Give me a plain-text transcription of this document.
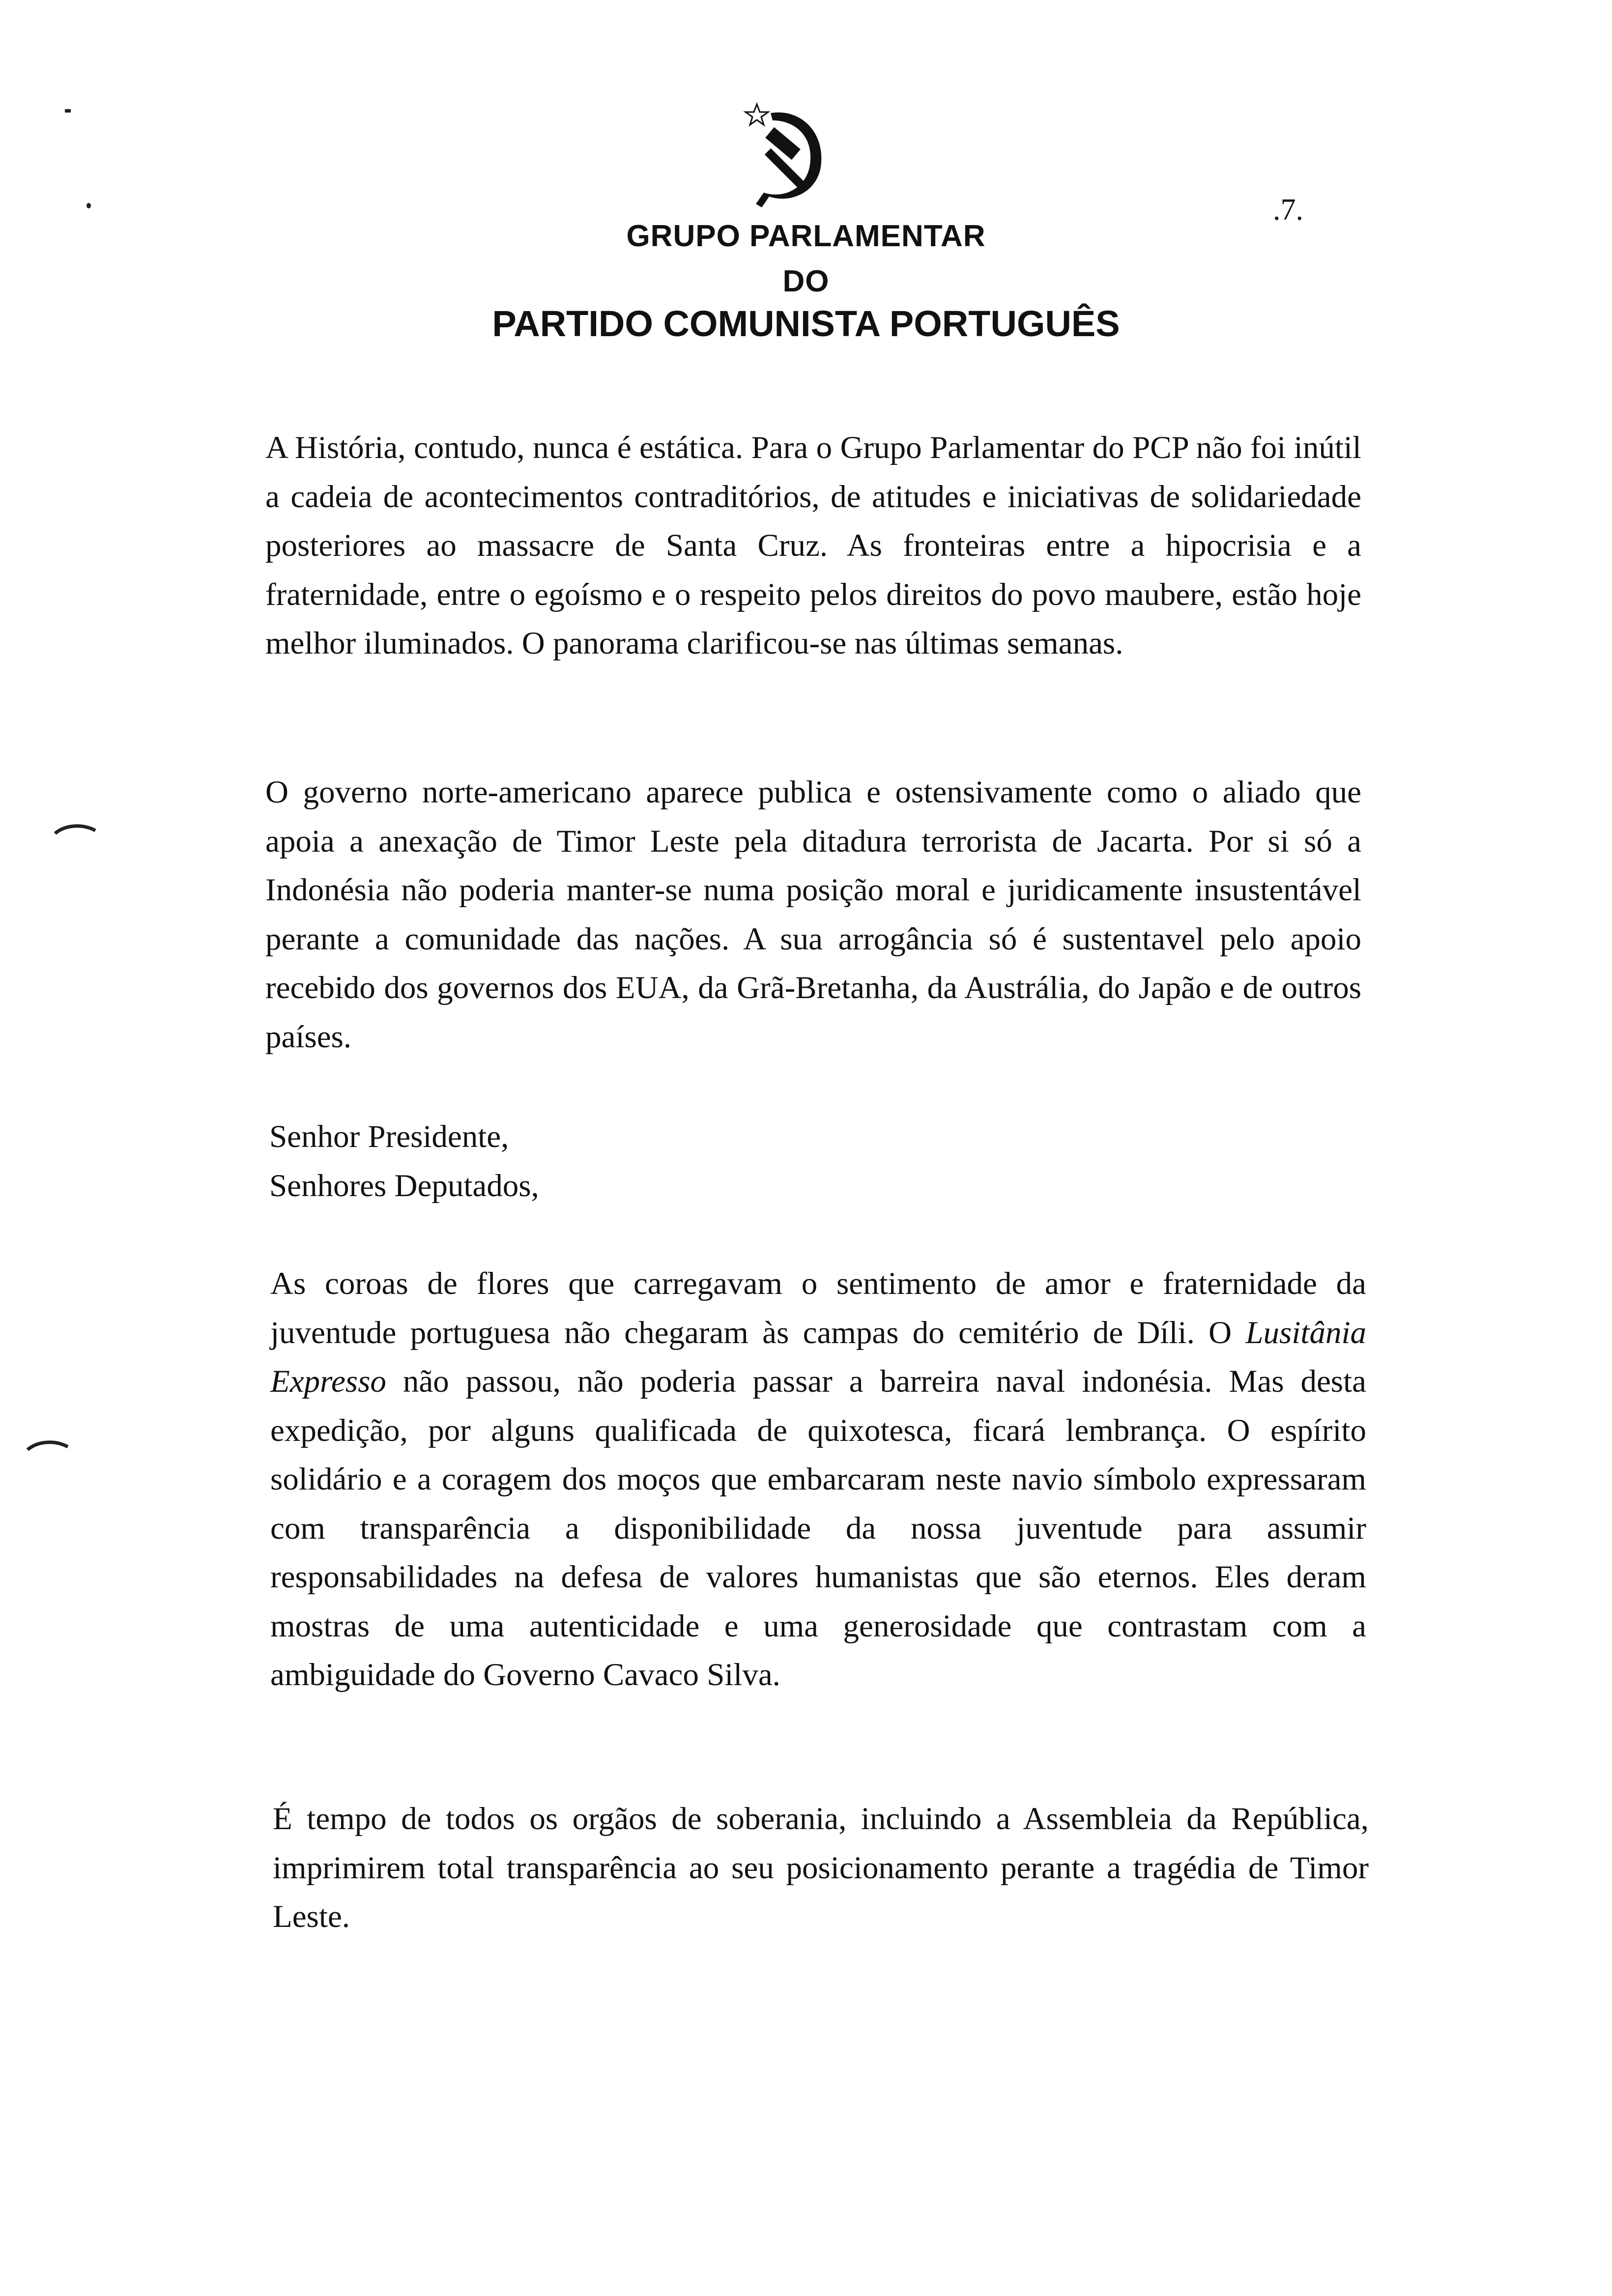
GRUPO PARLAMENTAR
DO
PARTIDO COMUNISTA PORTUGUÊS
.7.

A História, contudo, nunca é estática. Para o Grupo Parlamentar do PCP não foi inútil a cadeia de acontecimentos contraditórios, de atitudes e iniciativas de solidariedade posteriores ao massacre de Santa Cruz. As fronteiras entre a hipocrisia e a fraternidade, entre o egoísmo e o respeito pelos direitos do povo maubere, estão hoje melhor iluminados. O panorama clarificou-se nas últimas semanas.

O governo norte-americano aparece publica e ostensivamente como o aliado que apoia a anexação de Timor Leste pela ditadura terrorista de Jacarta. Por si só a Indonésia não poderia manter-se numa posição moral e juridicamente insustentável perante a comunidade das nações. A sua arrogância só é sustentavel pelo apoio recebido dos governos dos EUA, da Grã-Bretanha, da Austrália, do Japão e de outros países.

Senhor Presidente,

Senhores Deputados,

As coroas de flores que carregavam o sentimento de amor e fraternidade da juventude portuguesa não chegaram às campas do cemitério de Díli. O Lusitânia Expresso não passou, não poderia passar a barreira naval indonésia. Mas desta expedição, por alguns qualificada de quixotesca, ficará lembrança. O espírito solidário e a coragem dos moços que embarcaram neste navio símbolo expressaram com transparência a disponibilidade da nossa juventude para assumir responsabilidades na defesa de valores humanistas que são eternos. Eles deram mostras de uma autenticidade e uma generosidade que contrastam com a ambiguidade do Governo Cavaco Silva.

É tempo de todos os orgãos de soberania, incluindo a Assembleia da República, imprimirem total transparência ao seu posicionamento perante a tragédia de Timor Leste.
